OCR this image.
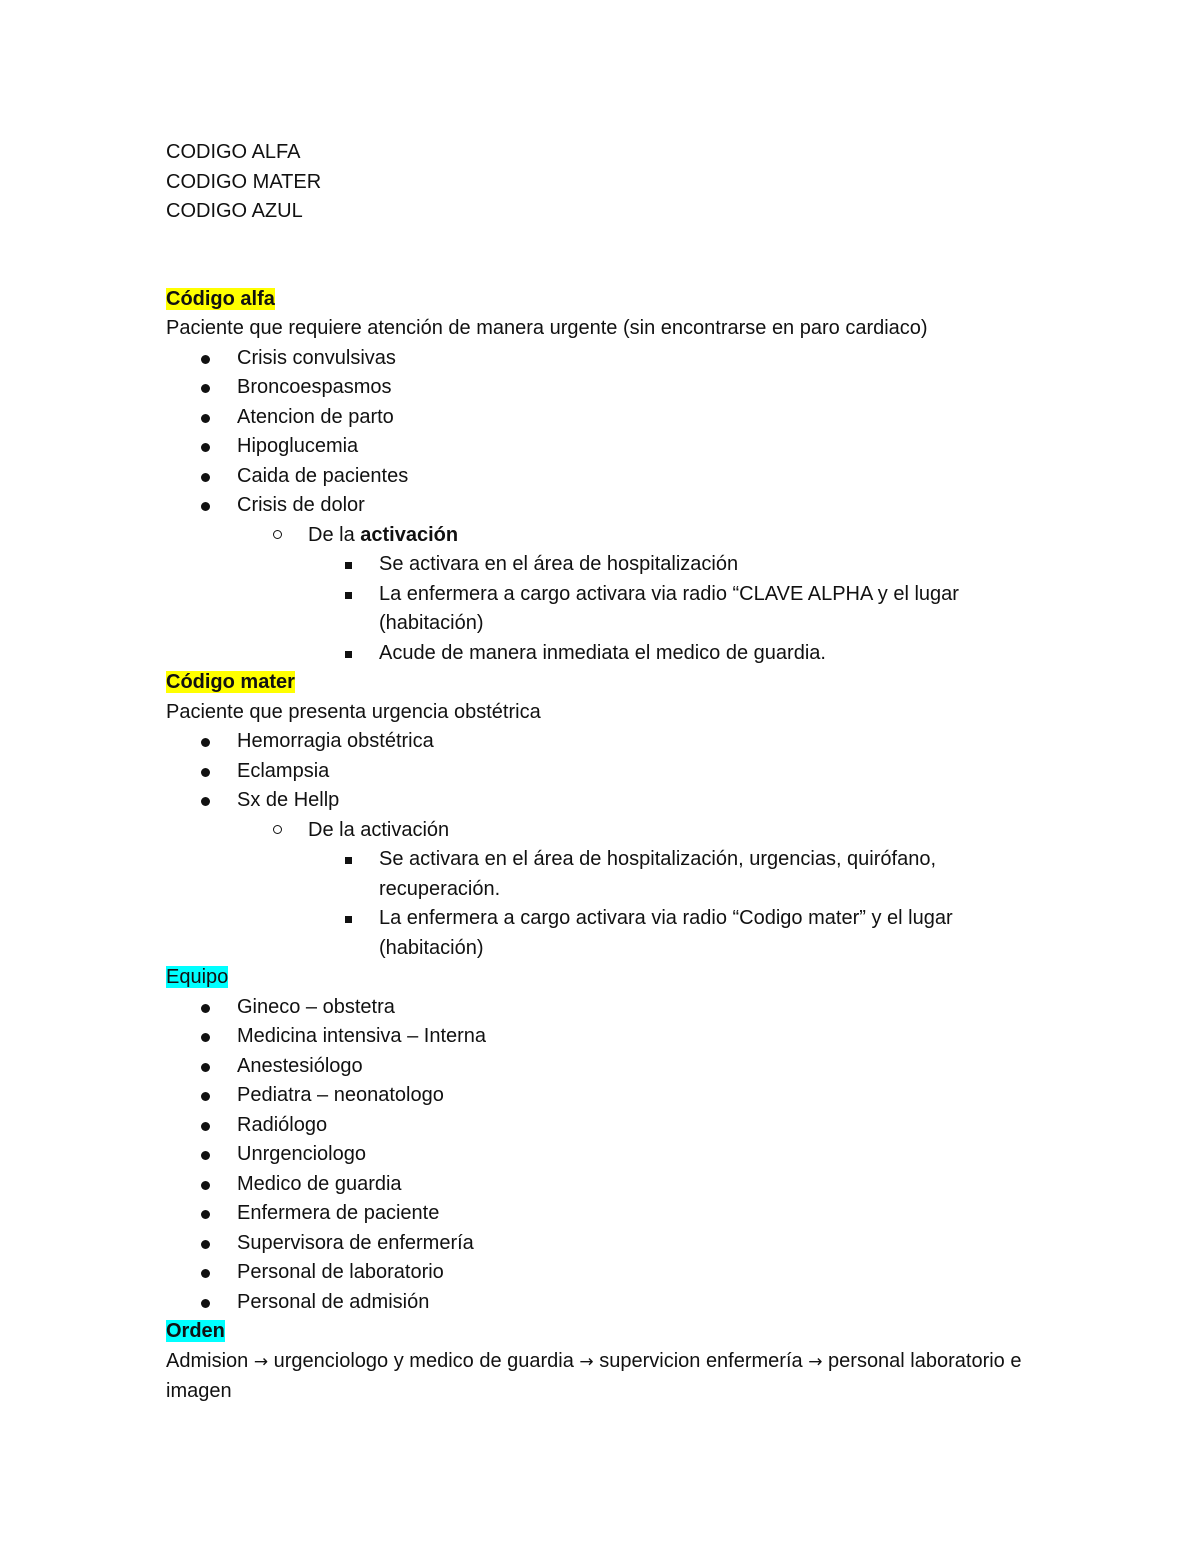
CODIGO ALFA
CODIGO MATER
CODIGO AZUL
Código alfa
Paciente que requiere atención de manera urgente (sin encontrarse en paro cardiaco)
Crisis convulsivas
Broncoespasmos
Atencion de parto
Hipoglucemia
Caida de pacientes
Crisis de dolor
De la activación
Se activara en el área de hospitalización
La enfermera a cargo activara via radio “CLAVE ALPHA y el lugar (habitación)
Acude de manera inmediata el medico de guardia.
Código mater
Paciente que presenta urgencia obstétrica
Hemorragia obstétrica
Eclampsia
Sx de Hellp
De la activación
Se activara en el área de hospitalización, urgencias, quirófano, recuperación.
La enfermera a cargo activara via radio “Codigo mater” y el lugar (habitación)
Equipo
Gineco – obstetra
Medicina intensiva – Interna
Anestesiólogo
Pediatra – neonatologo
Radiólogo
Unrgenciologo
Medico de guardia
Enfermera de paciente
Supervisora de enfermería
Personal de laboratorio
Personal de admisión
Orden
Admision → urgenciologo y medico de guardia → supervicion enfermería → personal laboratorio e imagen
